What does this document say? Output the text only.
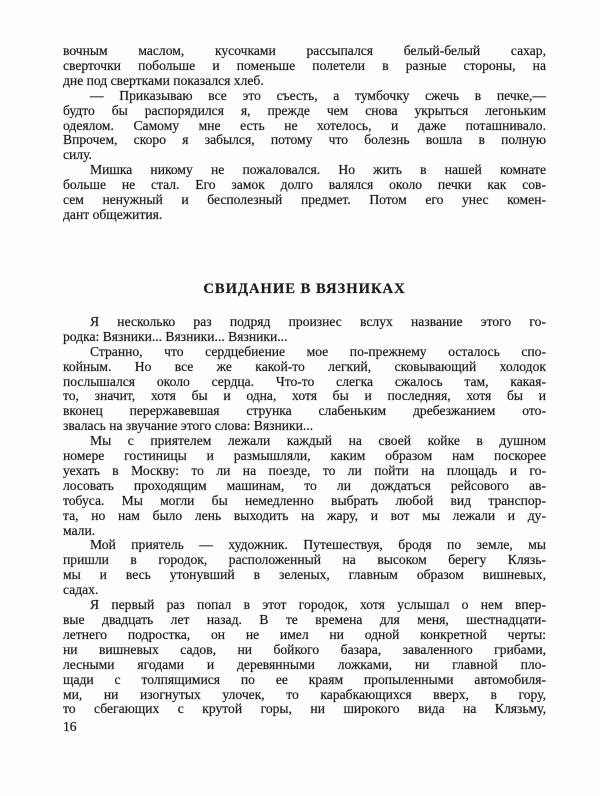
вочным маслом, кусочками рассыпался белый-белый сахар,
сверточки побольше и поменьше полетели в разные стороны, на
дне под свертками показался хлеб.
— Приказываю все это съесть, а тумбочку сжечь в печке,—
будто бы распорядился я, прежде чем снова укрыться легоньким
одеялом. Самому мне есть не хотелось, и даже поташнивало.
Впрочем, скоро я забылся, потому что болезнь вошла в полную
силу.
Мишка никому не пожаловался. Но жить в нашей комнате
больше не стал. Его замок долго валялся около печки как сов-
сем ненужный и бесполезный предмет. Потом его унес комен-
дант общежития.
СВИДАНИЕ В ВЯЗНИКАХ
Я несколько раз подряд произнес вслух название этого го-
родка: Вязники... Вязники... Вязники...
Странно, что сердцебиение мое по-прежнему осталось спо-
койным. Но все же какой-то легкий, сковывающий холодок
послышался около сердца. Что-то слегка сжалось там, какая-
то, значит, хотя бы и одна, хотя бы и последняя, хотя бы и
вконец перержавевшая струнка слабеньким дребезжанием ото-
звалась на звучание этого слова: Вязники...
Мы с приятелем лежали каждый на своей койке в душном
номере гостиницы и размышляли, каким образом нам поскорее
уехать в Москву: то ли на поезде, то ли пойти на площадь и го-
лосовать проходящим машинам, то ли дождаться рейсового ав-
тобуса. Мы могли бы немедленно выбрать любой вид транспор-
та, но нам было лень выходить на жару, и вот мы лежали и ду-
мали.
Мой приятель — художник. Путешествуя, бродя по земле, мы
пришли в городок, расположенный на высоком берегу Клязь-
мы и весь утонувший в зеленых, главным образом вишневых,
садах.
Я первый раз попал в этот городок, хотя услышал о нем впер-
вые двадцать лет назад. В те времена для меня, шестнадцати-
летнего подростка, он не имел ни одной конкретной черты:
ни вишневых садов, ни бойкого базара, заваленного грибами,
лесными ягодами и деревянными ложками, ни главной пло-
щади с толпящимися по ее краям пропыленными автомобиля-
ми, ни изогнутых улочек, то карабкающихся вверх, в гору,
то сбегающих с крутой горы, ни широкого вида на Клязьму,
16
